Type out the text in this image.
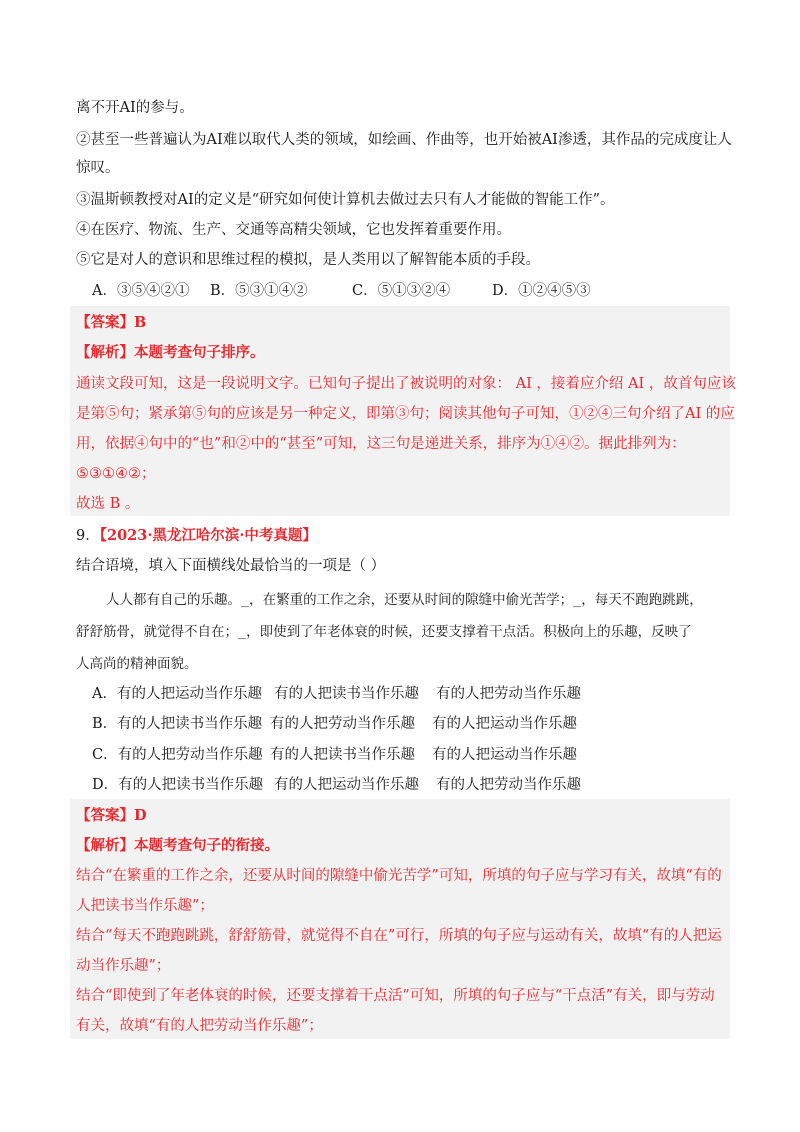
离不开AI的参与。
②甚至一些普遍认为AI难以取代人类的领域，如绘画、作曲等，也开始被AI渗透，其作品的完成度让人
惊叹。
③温斯顿教授对AI的定义是“研究如何使计算机去做过去只有人才能做的智能工作”。
④在医疗、物流、生产、交通等高精尖领域，它也发挥着重要作用。
⑤它是对人的意识和思维过程的模拟，是人类用以了解智能本质的手段。
A．③⑤④②① B．⑤③①④②	C．⑤①③②④	D．①②④⑤③
【答案】B
【解析】本题考查句子排序。
通读文段可知，这是一段说明文字。已知句子提出了被说明的对象： AI ，接着应介绍 AI ，故首句应该
是第⑤句；紧承第⑤句的应该是另一种定义，即第③句；阅读其他句子可知，①②④三句介绍了AI 的应
用，依据④句中的“也”和②中的“甚至”可知，这三句是递进关系，排序为①④②。据此排列为：
⑤③①④②；
故选 B 。
9．【2023·黑龙江哈尔滨·中考真题】
结合语境，填入下面横线处最恰当的一项是（ ）
人人都有自己的乐趣。_，在繁重的工作之余，还要从时间的隙缝中偷光苦学；_，每天不跑跑跳跳，
舒舒筋骨，就觉得不自在；_，即使到了年老体衰的时候，还要支撑着干点活。积极向上的乐趣，反映了
人高尚的精神面貌。
A．有的人把运动当作乐趣 有的人把读书当作乐趣 有的人把劳动当作乐趣
B．有的人把读书当作乐趣 有的人把劳动当作乐趣 有的人把运动当作乐趣
C．有的人把劳动当作乐趣 有的人把读书当作乐趣 有的人把运动当作乐趣
D．有的人把读书当作乐趣 有的人把运动当作乐趣 有的人把劳动当作乐趣
【答案】D
【解析】本题考查句子的衔接。
结合“在繁重的工作之余，还要从时间的隙缝中偷光苦学”可知，所填的句子应与学习有关，故填“有的
人把读书当作乐趣”；
结合“每天不跑跑跳跳，舒舒筋骨，就觉得不自在”可行，所填的句子应与运动有关，故填“有的人把运
动当作乐趣”；
结合“即使到了年老体衰的时候，还要支撑着干点活”可知，所填的句子应与“干点活”有关，即与劳动
有关，故填“有的人把劳动当作乐趣”；
